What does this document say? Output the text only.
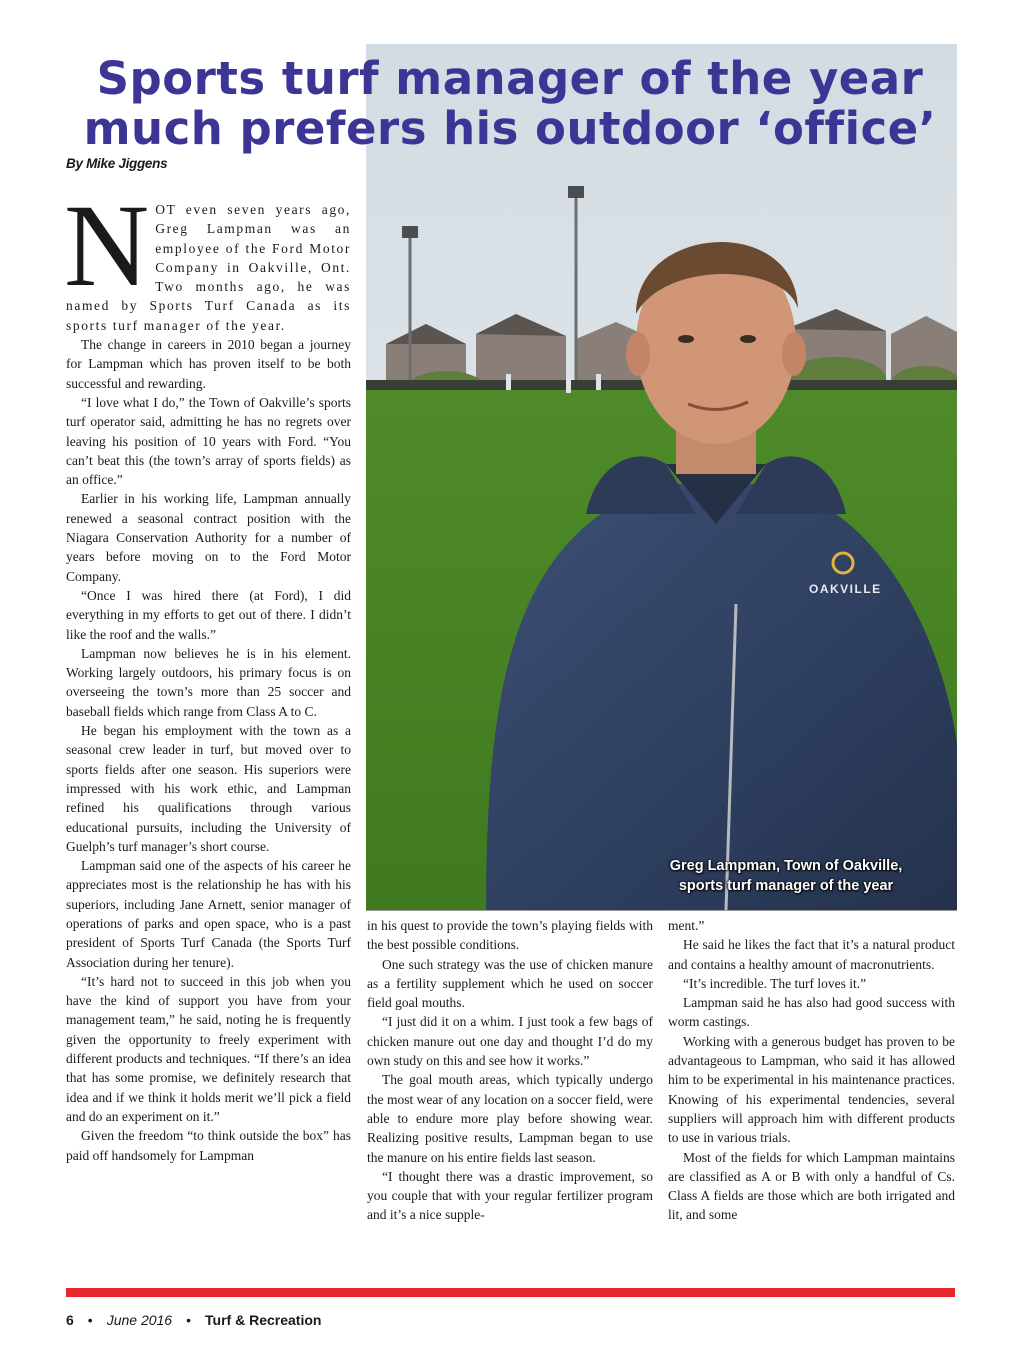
Sports turf manager of the year
much prefers his outdoor ‘office’
By Mike Jiggens
OAKVILLE
Greg Lampman, Town of Oakville,
sports turf manager of the year

NOT even seven years ago, Greg Lampman was an employee of the Ford Motor Company in Oakville, Ont. Two months ago, he was named by Sports Turf Canada as its sports turf manager of the year.

The change in careers in 2010 began a journey for Lampman which has proven itself to be both successful and rewarding.

“I love what I do,” the Town of Oakville’s sports turf operator said, admitting he has no regrets over leaving his position of 10 years with Ford. “You can’t beat this (the town’s array of sports fields) as an office.”

Earlier in his working life, Lampman annually renewed a seasonal contract position with the Niagara Conservation Authority for a number of years before moving on to the Ford Motor Company.

“Once I was hired there (at Ford), I did everything in my efforts to get out of there. I didn’t like the roof and the walls.”

Lampman now believes he is in his element. Working largely outdoors, his primary focus is on overseeing the town’s more than 25 soccer and baseball fields which range from Class A to C.

He began his employment with the town as a seasonal crew leader in turf, but moved over to sports fields after one season. His superiors were impressed with his work ethic, and Lampman refined his qualifications through various educational pursuits, including the University of Guelph’s turf manager’s short course.

Lampman said one of the aspects of his career he appreciates most is the relationship he has with his superiors, including Jane Arnett, senior manager of operations of parks and open space, who is a past president of Sports Turf Canada (the Sports Turf Association during her tenure).

“It’s hard not to succeed in this job when you have the kind of support you have from your management team,” he said, noting he is frequently given the opportunity to freely experiment with different products and techniques. “If there’s an idea that has some promise, we definitely research that idea and if we think it holds merit we’ll pick a field and do an experiment on it.”

Given the freedom “to think outside the box” has paid off handsomely for Lampman

in his quest to provide the town’s playing fields with the best possible conditions.

One such strategy was the use of chicken manure as a fertility supplement which he used on soccer field goal mouths.

“I just did it on a whim. I just took a few bags of chicken manure out one day and thought I’d do my own study on this and see how it works.”

The goal mouth areas, which typically undergo the most wear of any location on a soccer field, were able to endure more play before showing wear. Realizing positive results, Lampman began to use the manure on his entire fields last season.

“I thought there was a drastic improvement, so you couple that with your regular fertilizer program and it’s a nice supple-

ment.”

He said he likes the fact that it’s a natural product and contains a healthy amount of macronutrients.

“It’s incredible. The turf loves it.”

Lampman said he has also had good success with worm castings.

Working with a generous budget has proven to be advantageous to Lampman, who said it has allowed him to be experimental in his maintenance practices. Knowing of his experimental tendencies, several suppliers will approach him with different products to use in various trials.

Most of the fields for which Lampman maintains are classified as A or B with only a handful of Cs. Class A fields are those which are both irrigated and lit, and some

6 • June 2016 • Turf & Recreation
